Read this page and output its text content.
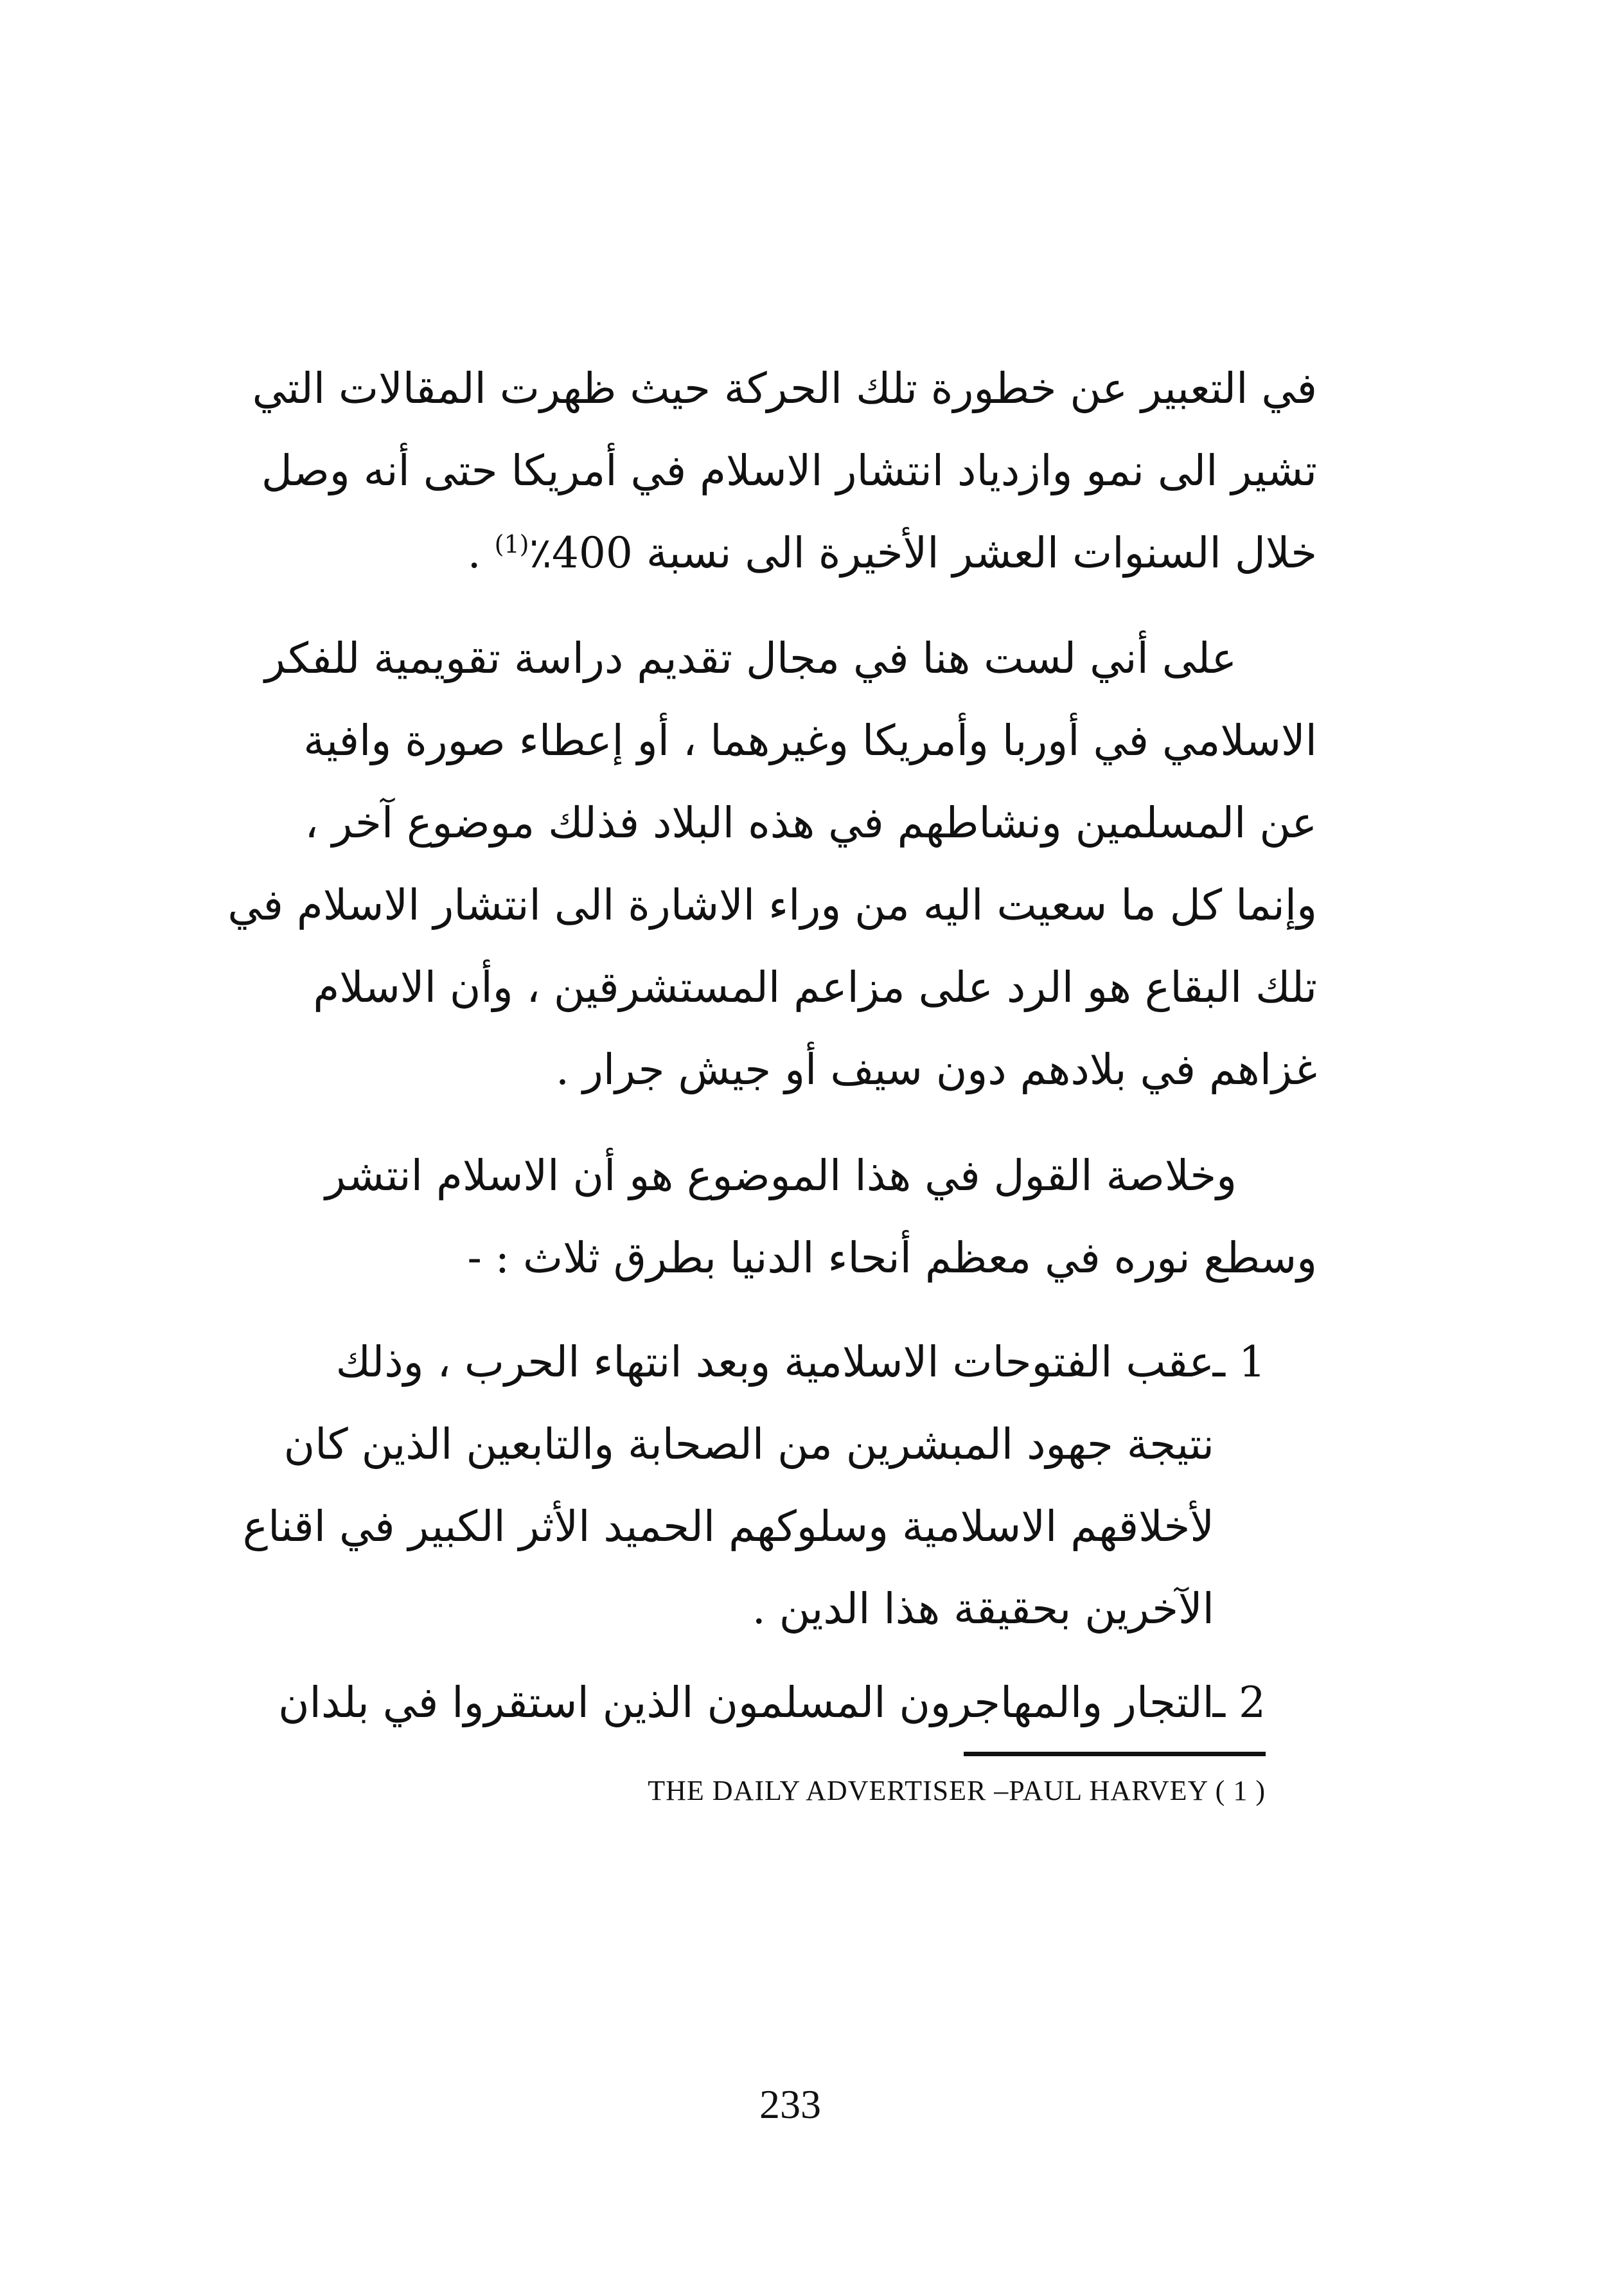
في التعبير عن خطورة تلك الحركة حيث ظهرت المقالات التي
تشير الى نمو وازدياد انتشار الاسلام في أمريكا حتى أنه وصل
خلال السنوات العشر الأخيرة الى نسبة 400٪$^{(1)}$ .
على أني لست هنا في مجال تقديم دراسة تقويمية للفكر
الاسلامي في أوربا وأمريكا وغيرهما ، أو إعطاء صورة وافية
عن المسلمين ونشاطهم في هذه البلاد فذلك موضوع آخر ،
وإنما كل ما سعيت اليه من وراء الاشارة الى انتشار الاسلام في
تلك البقاع هو الرد على مزاعم المستشرقين ، وأن الاسلام
غزاهم في بلادهم دون سيف أو جيش جرار .
وخلاصة القول في هذا الموضوع هو أن الاسلام انتشر
وسطع نوره في معظم أنحاء الدنيا بطرق ثلاث : -
1 ـ
عقب الفتوحات الاسلامية وبعد انتهاء الحرب ، وذلك
نتيجة جهود المبشرين من الصحابة والتابعين الذين كان
لأخلاقهم الاسلامية وسلوكهم الحميد الأثر الكبير في اقناع
الآخرين بحقيقة هذا الدين .
2 ـ
التجار والمهاجرون المسلمون الذين استقروا في بلدان
THE DAILY ADVERTISER –PAUL HARVEY ( 1 )
233
